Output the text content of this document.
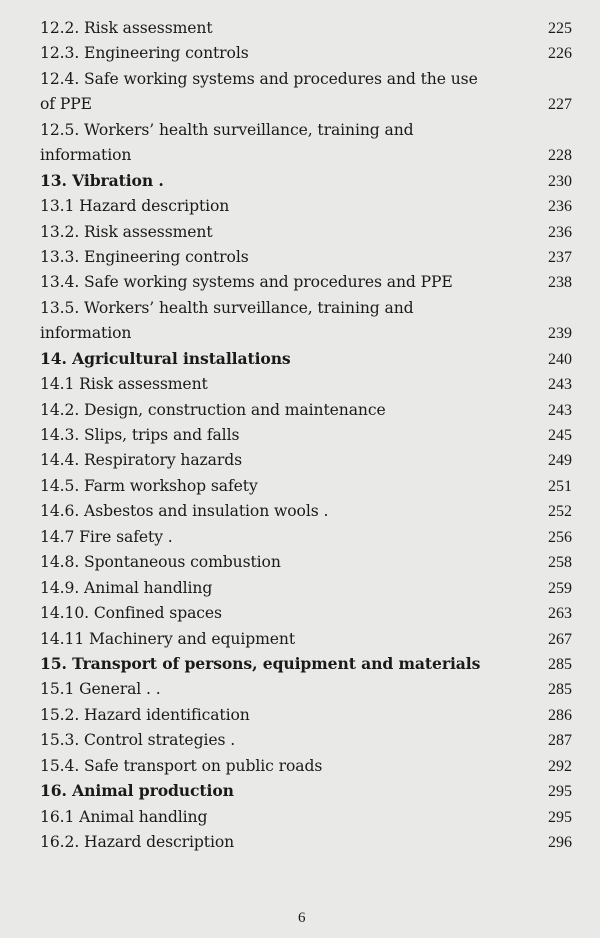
12.2. Risk assessment	225
12.3. Engineering controls	226
12.4. Safe working systems and procedures and the use
of PPE	227
12.5. Workers’ health surveillance, training and
information	228
13. Vibration .	230
13.1 Hazard description	236
13.2. Risk assessment	236
13.3. Engineering controls	237
13.4. Safe working systems and procedures and PPE	238
13.5. Workers’ health surveillance, training and
information	239
14. Agricultural installations	240
14.1 Risk assessment	243
14.2. Design, construction and maintenance	243
14.3. Slips, trips and falls	245
14.4. Respiratory hazards	249
14.5. Farm workshop safety	251
14.6. Asbestos and insulation wools .	252
14.7 Fire safety .	256
14.8. Spontaneous combustion	258
14.9. Animal handling	259
14.10. Confined spaces	263
14.11 Machinery and equipment	267
15. Transport of persons, equipment and materials	285
15.1 General . .	285
15.2. Hazard identification	286
15.3. Control strategies .	287
15.4. Safe transport on public roads	292
16. Animal production	295
16.1 Animal handling	295
16.2. Hazard description	296
6
